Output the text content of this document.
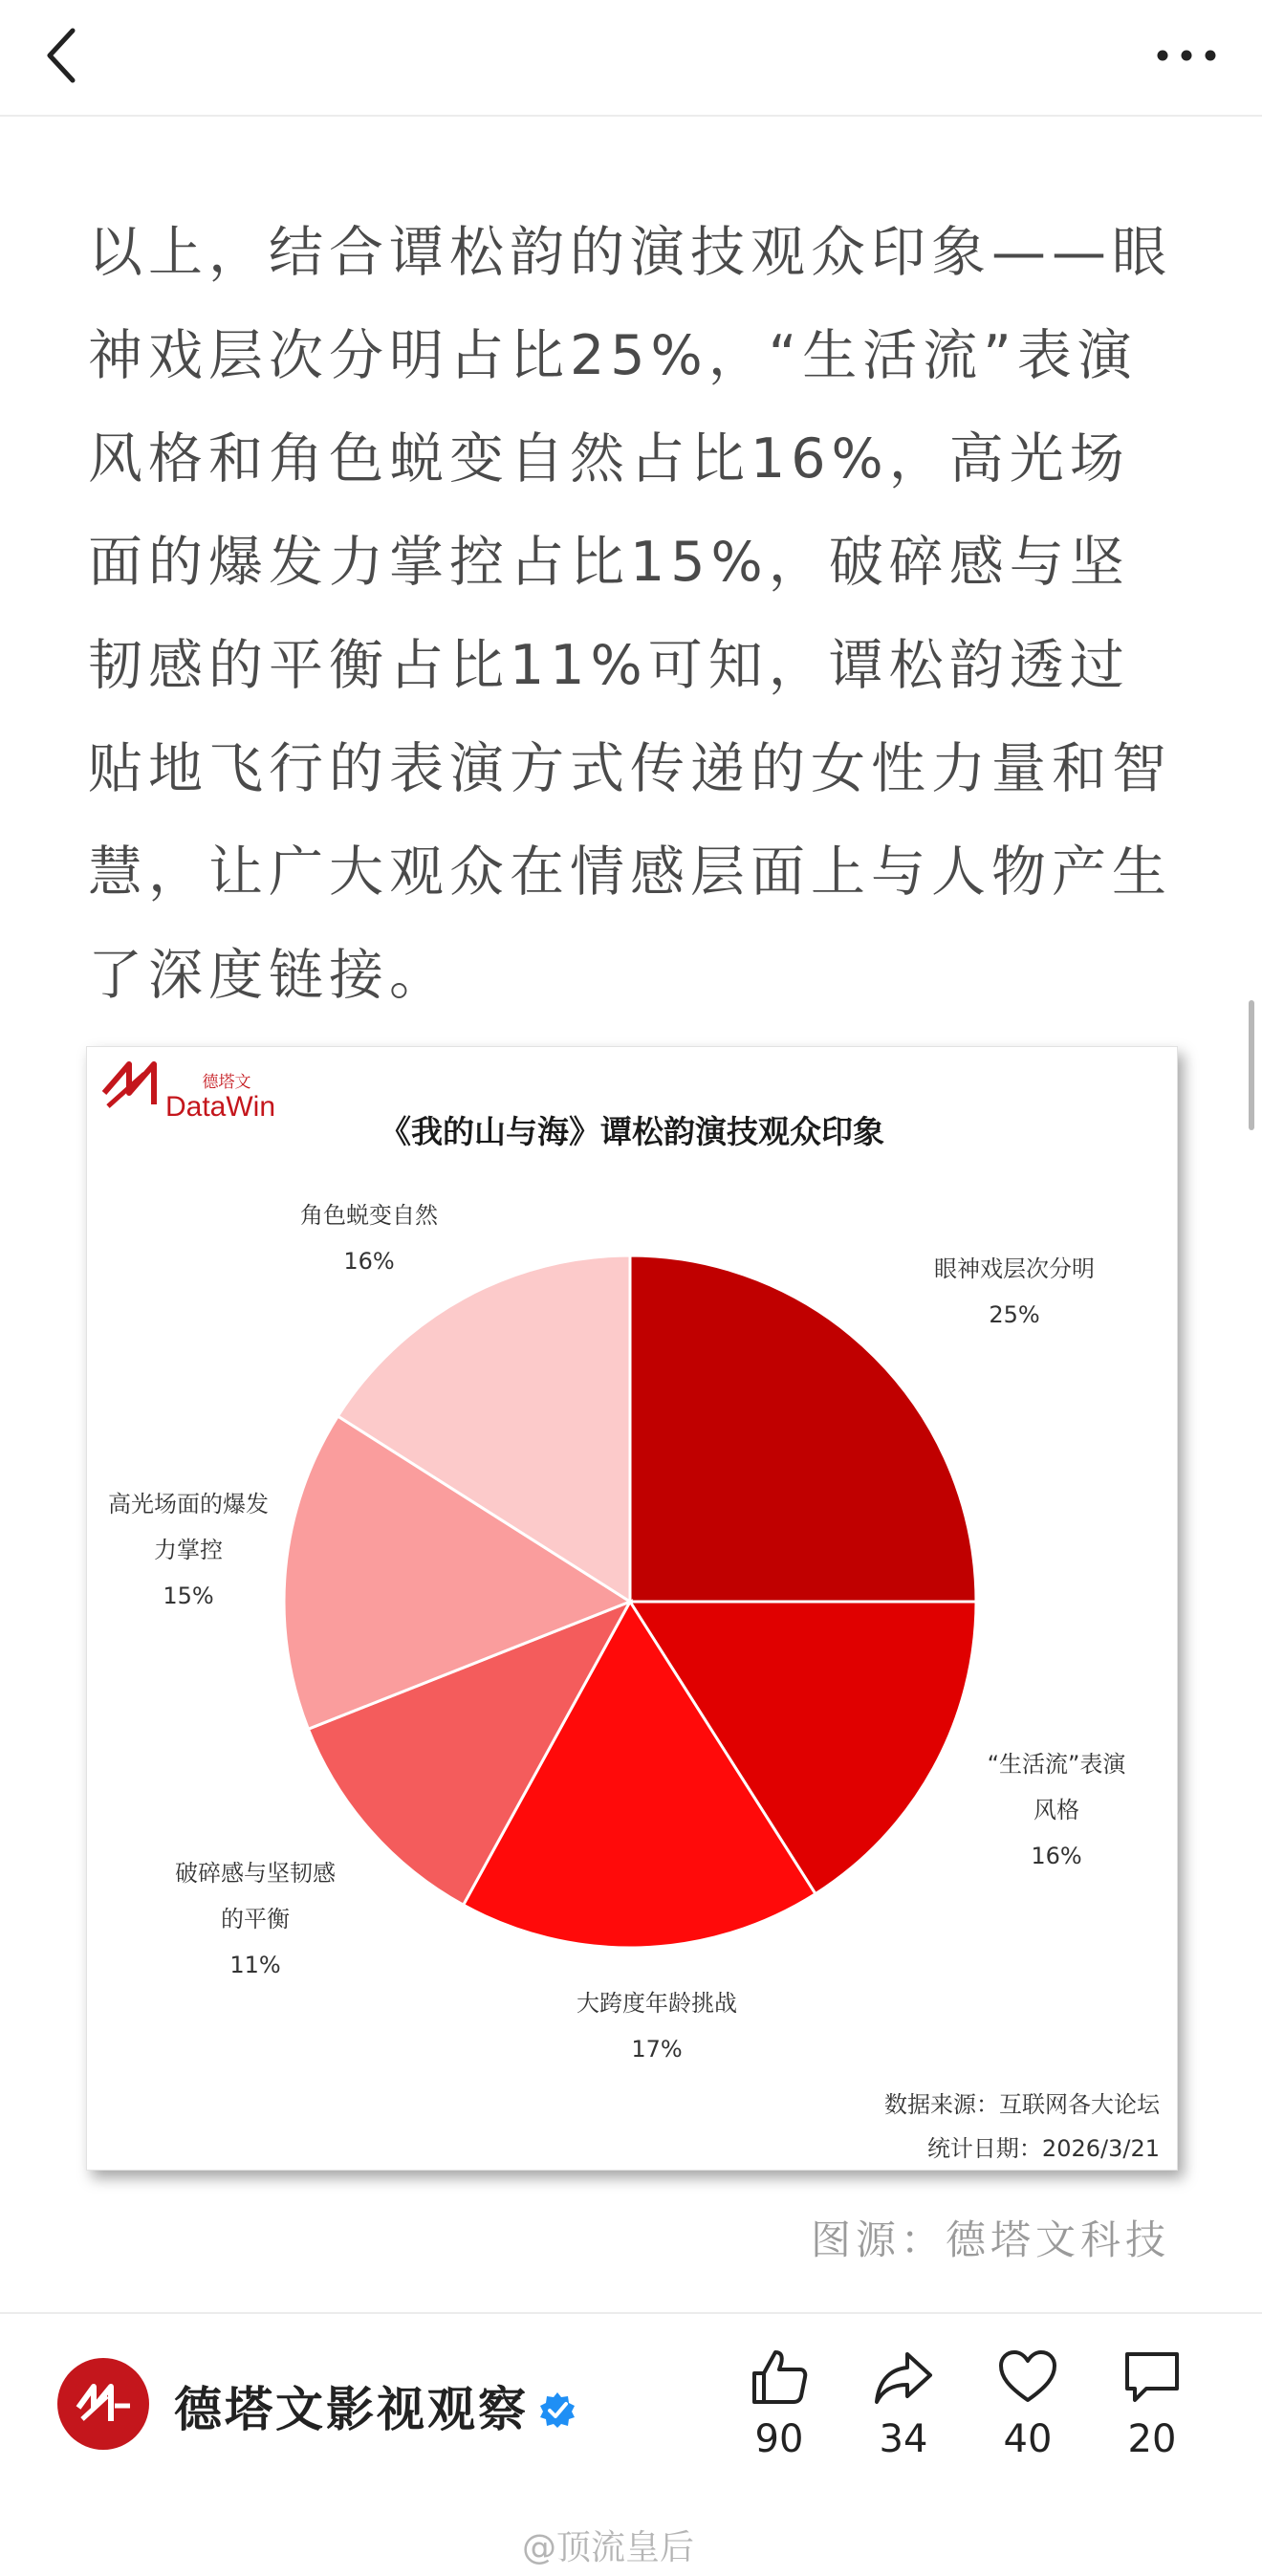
以上，结合谭松韵的演技观众印象——眼神戏层次分明占比25%，“生活流”表演风格和角色蜕变自然占比16%，高光场面的爆发力掌控占比15%，破碎感与坚韧感的平衡占比11%可知，谭松韵透过贴地飞行的表演方式传递的女性力量和智慧，让广大观众在情感层面上与人物产生了深度链接。

德塔文
DataWin
《我的山与海》谭松韵演技观众印象
眼神戏层次分明 25%
“生活流”表演风格 16%
大跨度年龄挑战 17%
破碎感与坚韧感的平衡 11%
高光场面的爆发力掌控 15%
角色蜕变自然 16%
数据来源：互联网各大论坛
统计日期：2026/3/21
图源：德塔文科技
德塔文影视观察
90	34	40	20
@顶流皇后
